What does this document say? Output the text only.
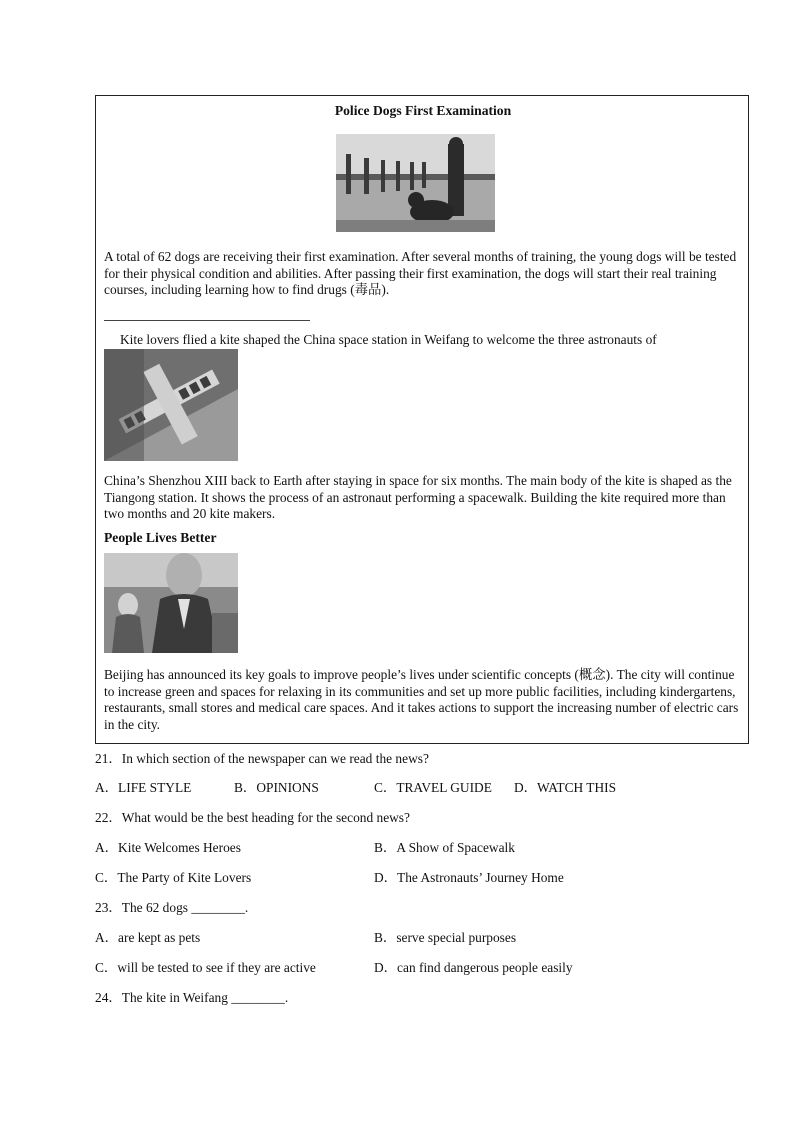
Police Dogs First Examination
A total of 62 dogs are receiving their first examination. After several months of training, the young dogs will be tested for their physical condition and abilities. After passing their first examination, the dogs will start their real training courses, including learning how to find drugs (毒品).
Kite lovers flied a kite shaped the China space station in Weifang to welcome the three astronauts of
China’s Shenzhou XIII back to Earth after staying in space for six months. The main body of the kite is shaped as the Tiangong station. It shows the process of an astronaut performing a spacewalk. Building the kite required more than two months and 20 kite makers.
People Lives Better
Beijing has announced its key goals to improve people’s lives under scientific concepts (概念). The city will continue to increase green and spaces for relaxing in its communities and set up more public facilities, including kindergartens, restaurants, small stores and medical care spaces. And it takes actions to support the increasing number of electric cars in the city.
21．In which section of the newspaper can we read the news?
A．LIFE STYLE	B．OPINIONS	C．TRAVEL GUIDE D．WATCH THIS
22．What would be the best heading for the second news?
A．Kite Welcomes Heroes	B．A Show of Spacewalk
C．The Party of Kite Lovers	D．The Astronauts’ Journey Home
23．The 62 dogs ________.
A．are kept as pets	B．serve special purposes
C．will be tested to see if they are active	D．can find dangerous people easily
24．The kite in Weifang ________.
